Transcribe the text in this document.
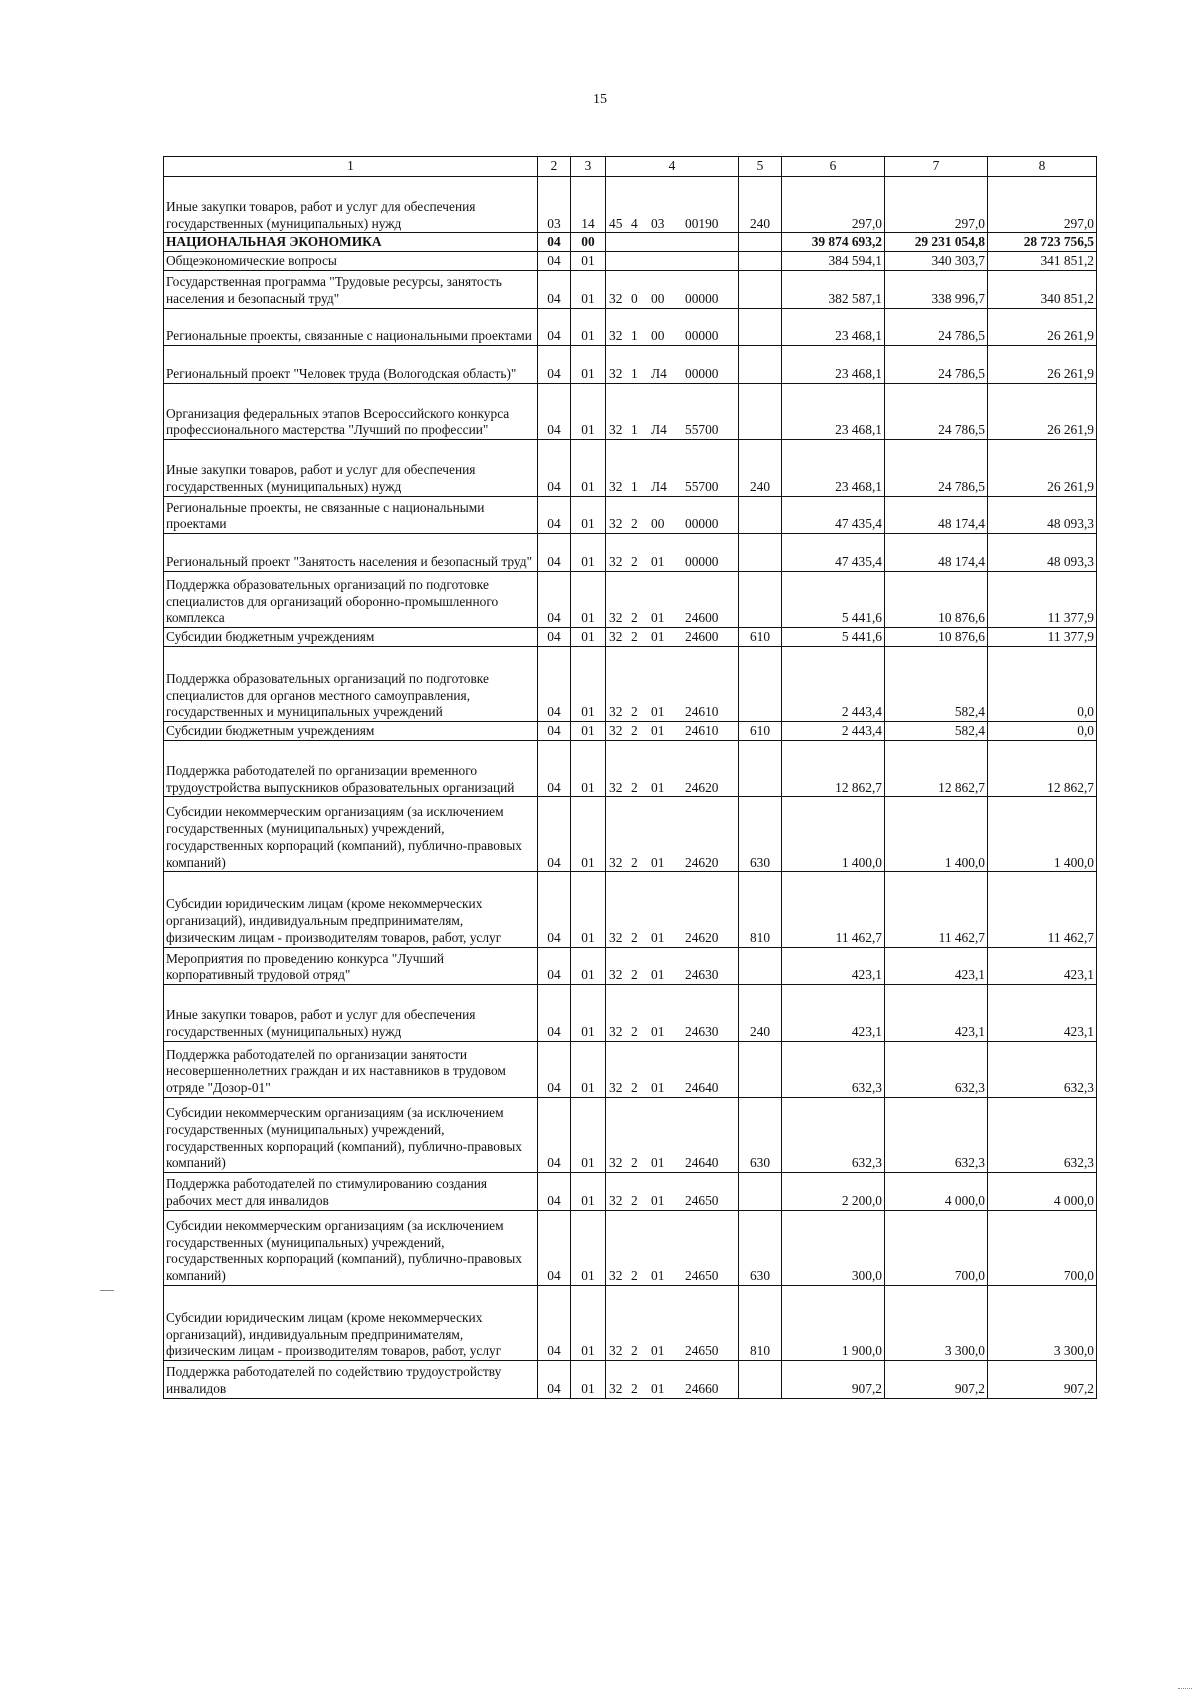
15
1	2	3	4	5	6	7	8
Иные закупки товаров, работ и услуг для обеспечения государственных (муниципальных) нужд	03	14	45 4 03 00190	240	297,0	297,0	297,0
НАЦИОНАЛЬНАЯ ЭКОНОМИКА	04	00			39 874 693,2	29 231 054,8	28 723 756,5
Общеэкономические вопросы	04	01			384 594,1	340 303,7	341 851,2
Государственная программа "Трудовые ресурсы, занятость населения и безопасный труд"	04	01	32 0 00 00000		382 587,1	338 996,7	340 851,2
Региональные проекты, связанные с национальными проектами	04	01	32 1 00 00000		23 468,1	24 786,5	26 261,9
Региональный проект "Человек труда (Вологодская область)"	04	01	32 1 Л4 00000		23 468,1	24 786,5	26 261,9
Организация федеральных этапов Всероссийского конкурса профессионального мастерства "Лучший по профессии"	04	01	32 1 Л4 55700		23 468,1	24 786,5	26 261,9
Иные закупки товаров, работ и услуг для обеспечения государственных (муниципальных) нужд	04	01	32 1 Л4 55700	240	23 468,1	24 786,5	26 261,9
Региональные проекты, не связанные с национальными проектами	04	01	32 2 00 00000		47 435,4	48 174,4	48 093,3
Региональный проект "Занятость населения и безопасный труд"	04	01	32 2 01 00000		47 435,4	48 174,4	48 093,3
Поддержка образовательных организаций по подготовке специалистов для организаций оборонно-промышленного комплекса	04	01	32 2 01 24600		5 441,6	10 876,6	11 377,9
Субсидии бюджетным учреждениям	04	01	32 2 01 24600	610	5 441,6	10 876,6	11 377,9
Поддержка образовательных организаций по подготовке специалистов для органов местного самоуправления, государственных и муниципальных учреждений	04	01	32 2 01 24610		2 443,4	582,4	0,0
Субсидии бюджетным учреждениям	04	01	32 2 01 24610	610	2 443,4	582,4	0,0
Поддержка работодателей по организации временного трудоустройства выпускников образовательных организаций	04	01	32 2 01 24620		12 862,7	12 862,7	12 862,7
Субсидии некоммерческим организациям (за исключением государственных (муниципальных) учреждений, государственных корпораций (компаний), публично-правовых компаний)	04	01	32 2 01 24620	630	1 400,0	1 400,0	1 400,0
Субсидии юридическим лицам (кроме некоммерческих организаций), индивидуальным предпринимателям, физическим лицам - производителям товаров, работ, услуг	04	01	32 2 01 24620	810	11 462,7	11 462,7	11 462,7
Мероприятия по проведению конкурса "Лучший корпоративный трудовой отряд"	04	01	32 2 01 24630		423,1	423,1	423,1
Иные закупки товаров, работ и услуг для обеспечения государственных (муниципальных) нужд	04	01	32 2 01 24630	240	423,1	423,1	423,1
Поддержка работодателей по организации занятости несовершеннолетних граждан и их наставников в трудовом отряде "Дозор-01"	04	01	32 2 01 24640		632,3	632,3	632,3
Субсидии некоммерческим организациям (за исключением государственных (муниципальных) учреждений, государственных корпораций (компаний), публично-правовых компаний)	04	01	32 2 01 24640	630	632,3	632,3	632,3
Поддержка работодателей по стимулированию создания рабочих мест для инвалидов	04	01	32 2 01 24650		2 200,0	4 000,0	4 000,0
Субсидии некоммерческим организациям (за исключением государственных (муниципальных) учреждений, государственных корпораций (компаний), публично-правовых компаний)	04	01	32 2 01 24650	630	300,0	700,0	700,0
Субсидии юридическим лицам (кроме некоммерческих организаций), индивидуальным предпринимателям, физическим лицам - производителям товаров, работ, услуг	04	01	32 2 01 24650	810	1 900,0	3 300,0	3 300,0
Поддержка работодателей по содействию трудоустройству инвалидов	04	01	32 2 01 24660		907,2	907,2	907,2
